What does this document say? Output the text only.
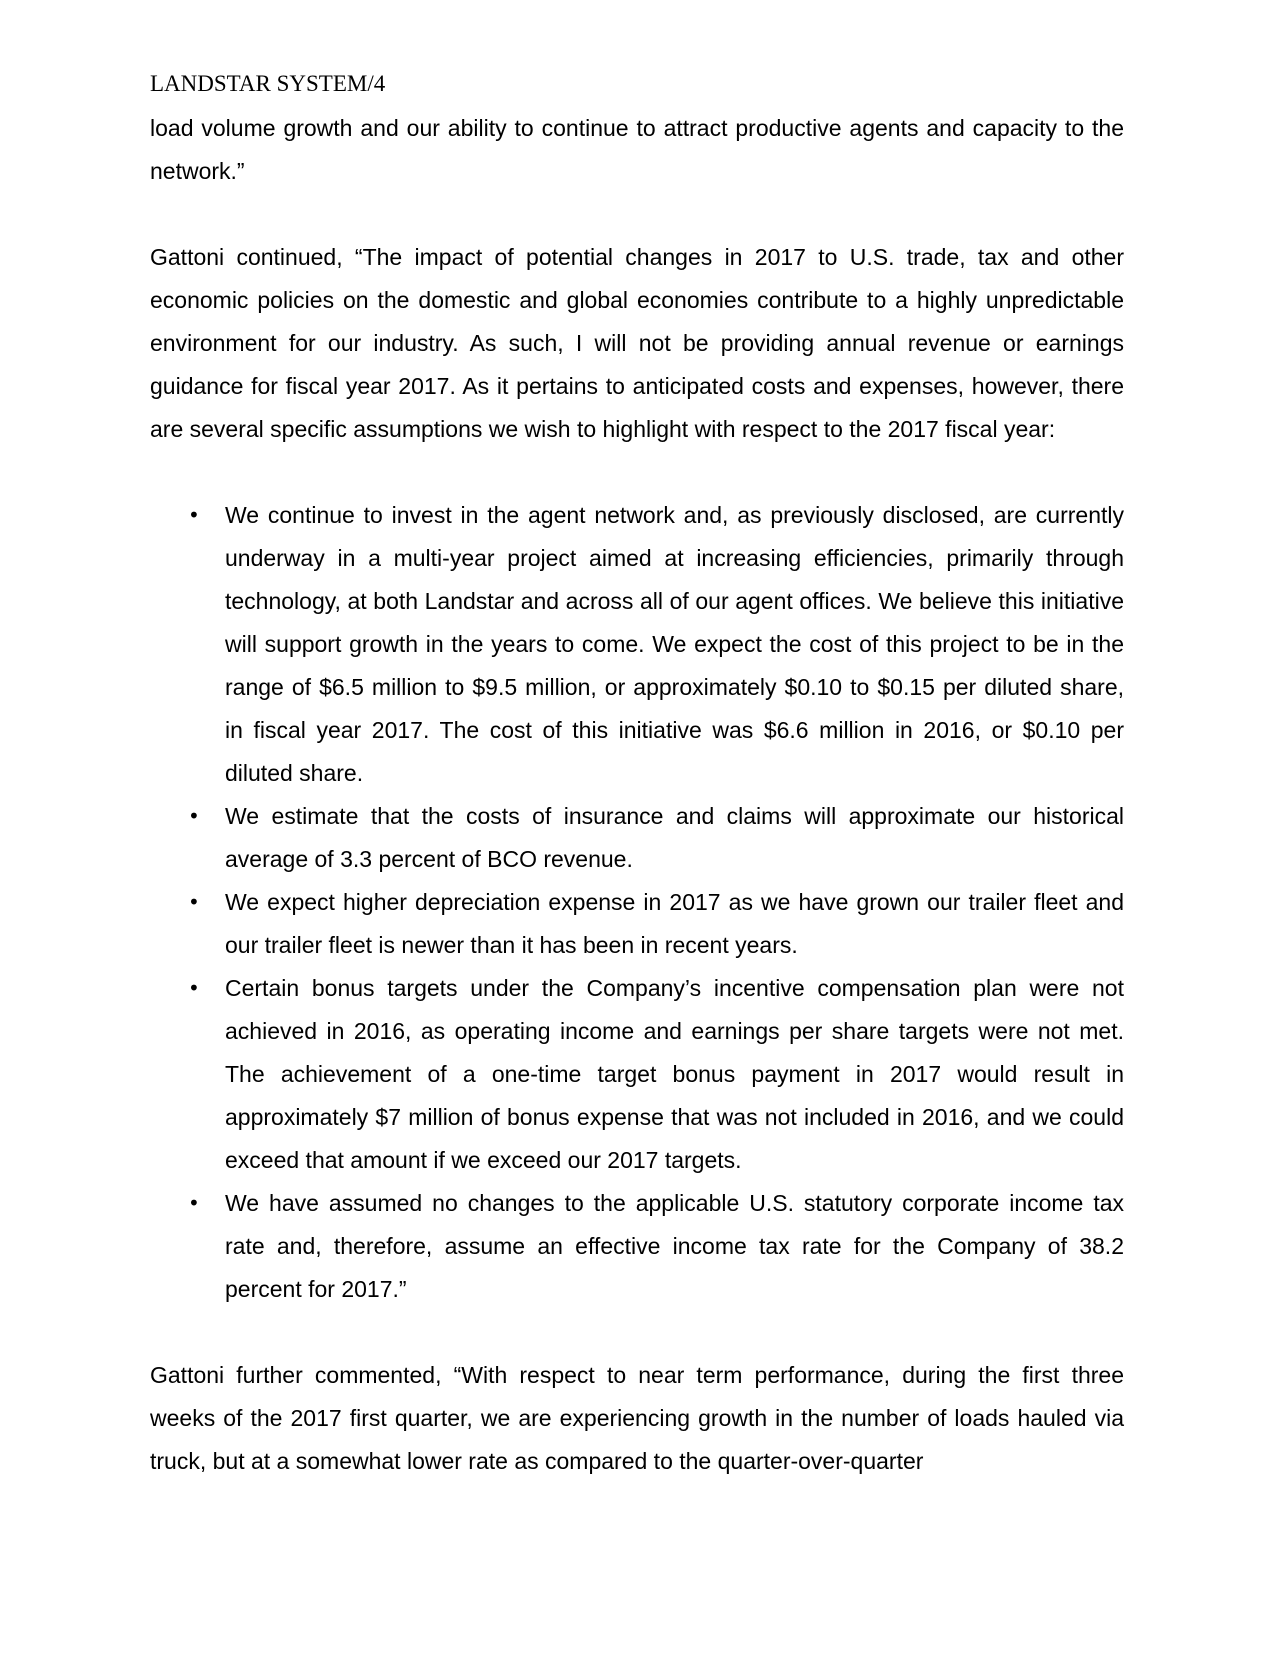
LANDSTAR SYSTEM/4

load volume growth and our ability to continue to attract productive agents and capacity to the network.”

Gattoni continued, “The impact of potential changes in 2017 to U.S. trade, tax and other economic policies on the domestic and global economies contribute to a highly unpredictable environment for our industry. As such, I will not be providing annual revenue or earnings guidance for fiscal year 2017. As it pertains to anticipated costs and expenses, however, there are several specific assumptions we wish to highlight with respect to the 2017 fiscal year:

• We continue to invest in the agent network and, as previously disclosed, are currently underway in a multi-year project aimed at increasing efficiencies, primarily through technology, at both Landstar and across all of our agent offices. We believe this initiative will support growth in the years to come. We expect the cost of this project to be in the range of $6.5 million to $9.5 million, or approximately $0.10 to $0.15 per diluted share, in fiscal year 2017. The cost of this initiative was $6.6 million in 2016, or $0.10 per diluted share.
• We estimate that the costs of insurance and claims will approximate our historical average of 3.3 percent of BCO revenue.
• We expect higher depreciation expense in 2017 as we have grown our trailer fleet and our trailer fleet is newer than it has been in recent years.
• Certain bonus targets under the Company’s incentive compensation plan were not achieved in 2016, as operating income and earnings per share targets were not met. The achievement of a one-time target bonus payment in 2017 would result in approximately $7 million of bonus expense that was not included in 2016, and we could exceed that amount if we exceed our 2017 targets.
• We have assumed no changes to the applicable U.S. statutory corporate income tax rate and, therefore, assume an effective income tax rate for the Company of 38.2 percent for 2017.”

Gattoni further commented, “With respect to near term performance, during the first three weeks of the 2017 first quarter, we are experiencing growth in the number of loads hauled via truck, but at a somewhat lower rate as compared to the quarter-over-quarter
